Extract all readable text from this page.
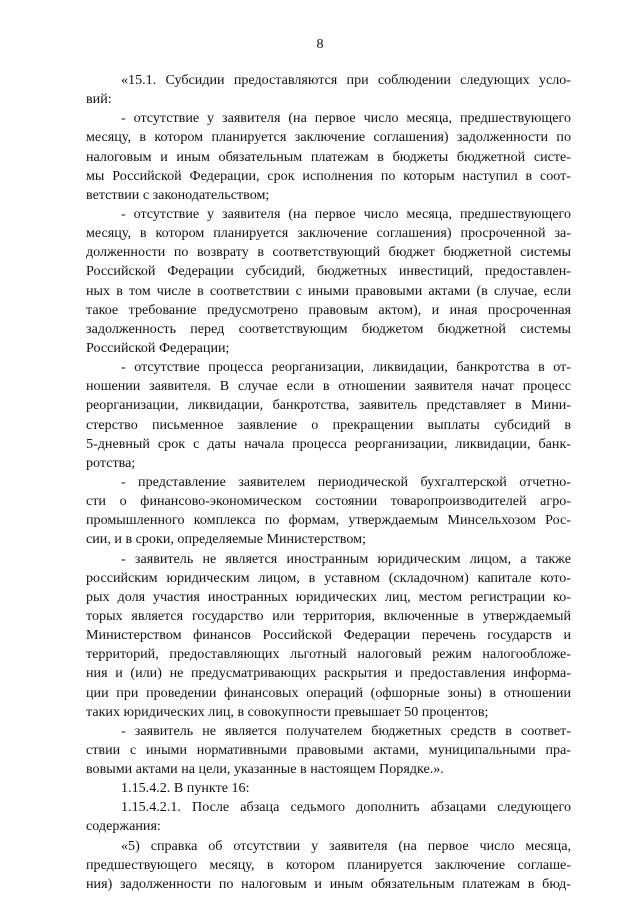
8
«15.1. Субсидии предоставляются при соблюдении следующих усло-
вий:
- отсутствие у заявителя (на первое число месяца, предшествующего
месяцу, в котором планируется заключение соглашения) задолженности по
налоговым и иным обязательным платежам в бюджеты бюджетной систе-
мы Российской Федерации, срок исполнения по которым наступил в соот-
ветствии с законодательством;
- отсутствие у заявителя (на первое число месяца, предшествующего
месяцу, в котором планируется заключение соглашения) просроченной за-
долженности по возврату в соответствующий бюджет бюджетной системы
Российской Федерации субсидий, бюджетных инвестиций, предоставлен-
ных в том числе в соответствии с иными правовыми актами (в случае, если
такое требование предусмотрено правовым актом), и иная просроченная
задолженность перед соответствующим бюджетом бюджетной системы
Российской Федерации;
- отсутствие процесса реорганизации, ликвидации, банкротства в от-
ношении заявителя. В случае если в отношении заявителя начат процесс
реорганизации, ликвидации, банкротства, заявитель представляет в Мини-
стерство письменное заявление о прекращении выплаты субсидий в
5-дневный срок с даты начала процесса реорганизации, ликвидации, банк-
ротства;
- представление заявителем периодической бухгалтерской отчетно-
сти о финансово-экономическом состоянии товаропроизводителей агро-
промышленного комплекса по формам, утверждаемым Минсельхозом Рос-
сии, и в сроки, определяемые Министерством;
- заявитель не является иностранным юридическим лицом, а также
российским юридическим лицом, в уставном (складочном) капитале кото-
рых доля участия иностранных юридических лиц, местом регистрации ко-
торых является государство или территория, включенные в утверждаемый
Министерством финансов Российской Федерации перечень государств и
территорий, предоставляющих льготный налоговый режим налогообложе-
ния и (или) не предусматривающих раскрытия и предоставления информа-
ции при проведении финансовых операций (офшорные зоны) в отношении
таких юридических лиц, в совокупности превышает 50 процентов;
- заявитель не является получателем бюджетных средств в соответ-
ствии с иными нормативными правовыми актами, муниципальными пра-
вовыми актами на цели, указанные в настоящем Порядке.».
1.15.4.2. В пункте 16:
1.15.4.2.1. После абзаца седьмого дополнить абзацами следующего
содержания:
«5) справка об отсутствии у заявителя (на первое число месяца,
предшествующего месяцу, в котором планируется заключение соглаше-
ния) задолженности по налоговым и иным обязательным платежам в бюд-
